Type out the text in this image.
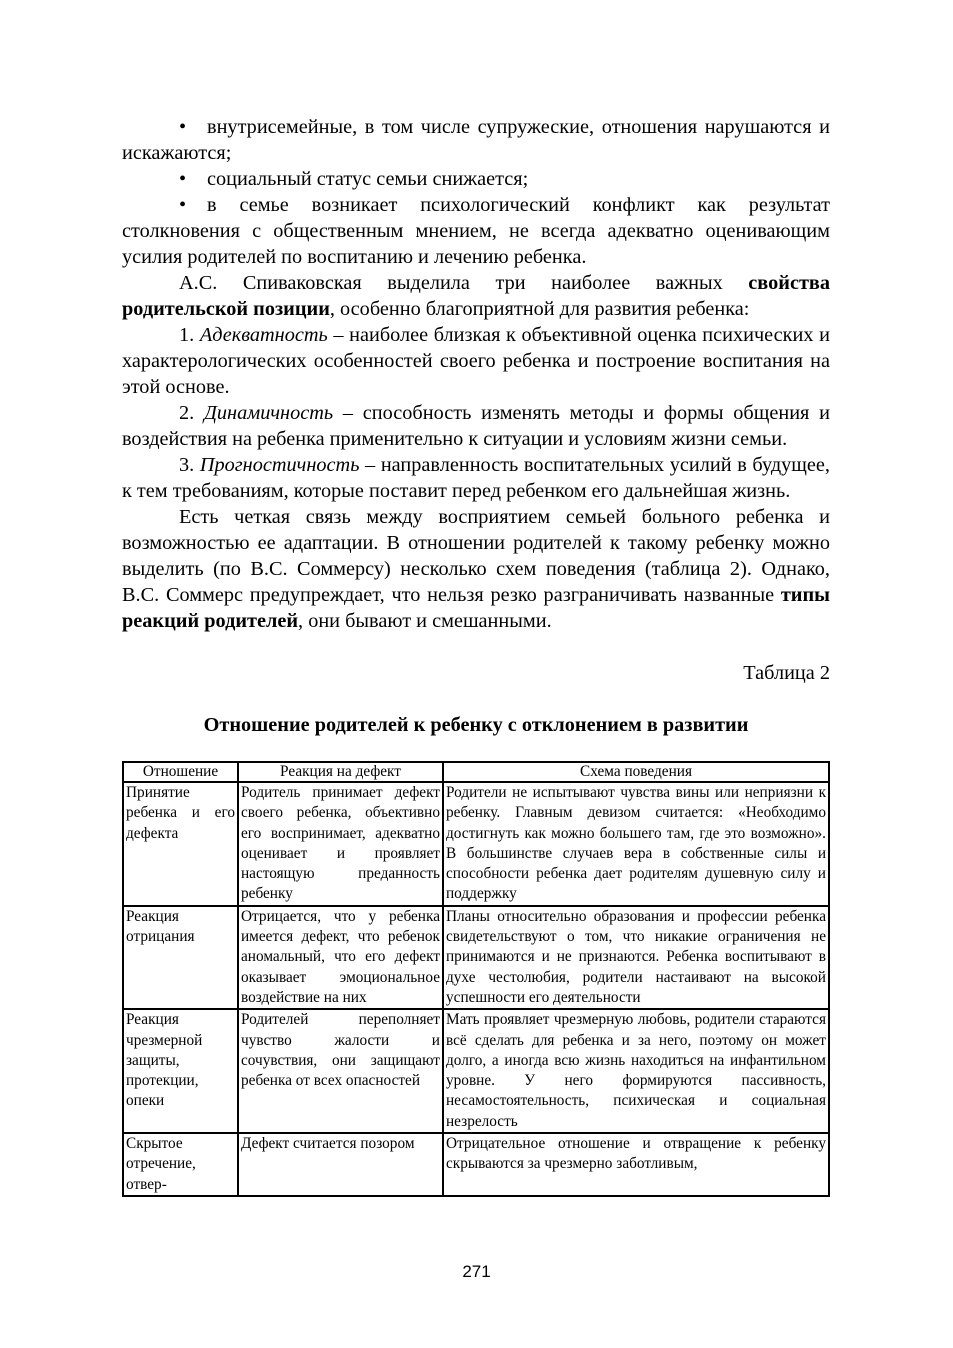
• внутрисемейные, в том числе супружеские, отношения нарушаются и искажаются;

• социальный статус семьи снижается;

• в семье возникает психологический конфликт как результат столкновения с общественным мнением, не всегда адекватно оценивающим усилия родителей по воспитанию и лечению ребенка.

А.С. Спиваковская выделила три наиболее важных свойства родительской позиции, особенно благоприятной для развития ребенка:

1. Адекватность – наиболее близкая к объективной оценка психических и характерологических особенностей своего ребенка и построение воспитания на этой основе.

2. Динамичность – способность изменять методы и формы общения и воздействия на ребенка применительно к ситуации и условиям жизни семьи.

3. Прогностичность – направленность воспитательных усилий в будущее, к тем требованиям, которые поставит перед ребенком его дальнейшая жизнь.

Есть четкая связь между восприятием семьей больного ребенка и возможностью ее адаптации. В отношении родителей к такому ребенку можно выделить (по В.С. Соммерсу) несколько схем поведения (таблица 2). Однако, В.С. Соммерс предупреждает, что нельзя резко разграничивать названные типы реакций родителей, они бывают и смешанными.

Таблица 2

Отношение родителей к ребенку с отклонением в развитии

Отношение	Реакция на дефект	Схема поведения
Принятие ребенка и его дефекта	Родитель принимает дефект своего ребенка, объективно его воспринимает, адекватно оценивает и проявляет настоящую преданность ребенку	Родители не испытывают чувства вины или неприязни к ребенку. Главным девизом считается: «Необходимо достигнуть как можно большего там, где это возможно». В большинстве случаев вера в собственные силы и способности ребенка дает родителям душевную силу и поддержку
Реакция отрицания	Отрицается, что у ребенка имеется дефект, что ребенок аномальный, что его дефект оказывает эмоциональное воздействие на них	Планы относительно образования и профессии ребенка свидетельствуют о том, что никакие ограничения не принимаются и не признаются. Ребенка воспитывают в духе честолюбия, родители настаивают на высокой успешности его деятельности
Реакция чрезмерной защиты, протекции, опеки	Родителей переполняет чувство жалости и сочувствия, они защищают ребенка от всех опасностей	Мать проявляет чрезмерную любовь, родители стараются всё сделать для ребенка и за него, поэтому он может долго, а иногда всю жизнь находиться на инфантильном уровне. У него формируются пассивность, несамостоятельность, психическая и социальная незрелость
Скрытое отречение, отвер-	Дефект считается позором	Отрицательное отношение и отвращение к ребенку скрываются за чрезмерно заботливым,
271
